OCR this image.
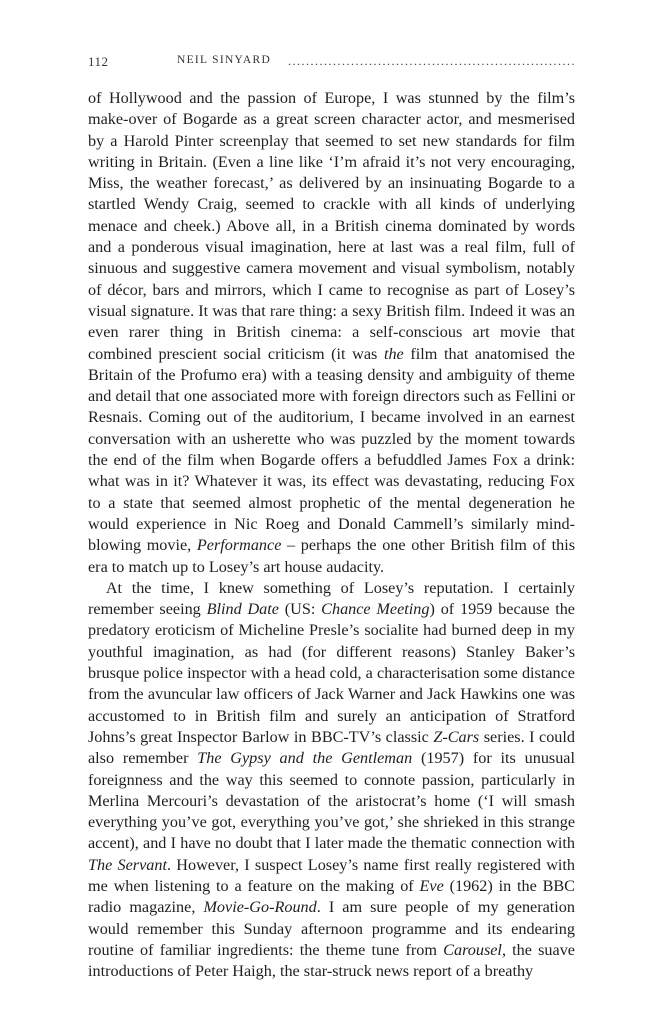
112	NEIL SINYARD ................................................................

of Hollywood and the passion of Europe, I was stunned by the film’s make-over of Bogarde as a great screen character actor, and mesmerised by a Harold Pinter screenplay that seemed to set new standards for film writing in Britain. (Even a line like ‘I’m afraid it’s not very encouraging, Miss, the weather forecast,’ as delivered by an insinuating Bogarde to a startled Wendy Craig, seemed to crackle with all kinds of underlying menace and cheek.) Above all, in a British cinema dominated by words and a ponderous visual imagination, here at last was a real film, full of sinuous and suggestive camera movement and visual symbolism, notably of décor, bars and mirrors, which I came to recognise as part of Losey’s visual signature. It was that rare thing: a sexy British film. Indeed it was an even rarer thing in British cinema: a self-conscious art movie that combined prescient social criticism (it was the film that anatomised the Britain of the Profumo era) with a teasing density and ambiguity of theme and detail that one associated more with foreign directors such as Fellini or Resnais. Coming out of the auditorium, I became involved in an earnest conversation with an usherette who was puzzled by the moment towards the end of the film when Bogarde offers a befuddled James Fox a drink: what was in it? Whatever it was, its effect was devastating, reducing Fox to a state that seemed almost prophetic of the mental degeneration he would experience in Nic Roeg and Donald Cammell’s similarly mind-blowing movie, Performance – perhaps the one other British film of this era to match up to Losey’s art house audacity.

At the time, I knew something of Losey’s reputation. I certainly remember seeing Blind Date (US: Chance Meeting) of 1959 because the predatory eroticism of Micheline Presle’s socialite had burned deep in my youthful imagination, as had (for different reasons) Stanley Baker’s brusque police inspector with a head cold, a characterisation some distance from the avuncular law officers of Jack Warner and Jack Hawkins one was accustomed to in British film and surely an anticipation of Stratford Johns’s great Inspector Barlow in BBC-TV’s classic Z-Cars series. I could also remember The Gypsy and the Gentleman (1957) for its unusual foreignness and the way this seemed to connote passion, particularly in Merlina Mercouri’s devastation of the aristocrat’s home (‘I will smash everything you’ve got, everything you’ve got,’ she shrieked in this strange accent), and I have no doubt that I later made the thematic connection with The Servant. However, I suspect Losey’s name first really registered with me when listening to a feature on the making of Eve (1962) in the BBC radio magazine, Movie-Go-Round. I am sure people of my generation would remember this Sunday afternoon programme and its endearing routine of familiar ingredients: the theme tune from Carousel, the suave introductions of Peter Haigh, the star-struck news report of a breathy
